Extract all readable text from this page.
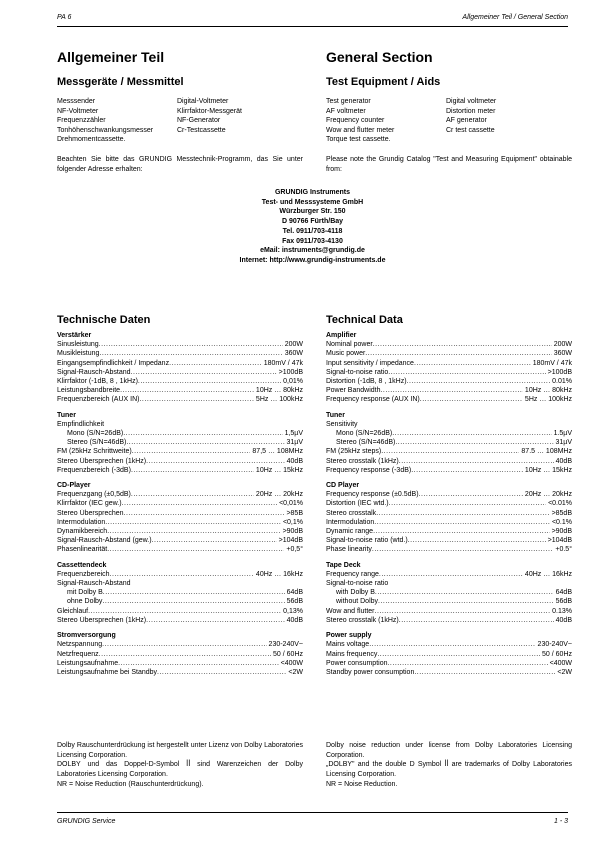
PA 6	Allgemeiner Teil / General Section
Allgemeiner Teil
Messgeräte / Messmittel
Messsender	Digital-Voltmeter
NF-Voltmeter	Klirrfaktor-Messgerät
Frequenzzähler	NF-Generator
Tonhöhenschwankungsmesser	Cr-Testcassette
Drehmomentcassette.
Beachten Sie bitte das GRUNDIG Messtechnik-Programm, das Sie unter folgender Adresse erhalten:
General Section
Test Equipment / Aids
Test generator	Digital voltmeter
AF voltmeter	Distortion meter
Frequency counter	AF generator
Wow and flutter meter	Cr test cassette
Torque test cassette.
Please note the Grundig Catalog "Test and Measuring Equipment" obtainable from:
GRUNDIG Instruments
Test- und Messsysteme GmbH
Würzburger Str. 150
D 90766 Fürth/Bay
Tel. 0911/703-4118
Fax 0911/703-4130
eMail: instruments@grundig.de
Internet: http://www.grundig-instruments.de
Technische Daten
Verstärker
Sinusleistung .....	200W
Musikleistung .....	360W
Eingangsempfindlichkeit / Impedanz .....	180mV / 47k
Signal-Rausch-Abstand .....	>100dB
Klirrfaktor (-1dB, 8 , 1kHz) .....	0,01%
Leistungsbandbreite .....	10Hz … 80kHz
Frequenzbereich (AUX IN) .....	5Hz … 100kHz
Tuner
Empfindlichkeit
Mono (S/N=26dB) .....	1,5µV
Stereo (S/N=46dB) .....	31µV
FM (25kHz Schrittweite) .....	87,5 … 108MHz
Stereo Übersprechen (1kHz) .....	40dB
Frequenzbereich (-3dB) .....	10Hz … 15kHz
CD-Player
Frequenzgang (±0,5dB) .....	20Hz … 20kHz
Klirrfaktor (IEC gew.) .....	<0,01%
Stereo Übersprechen .....	>85B
Intermodulation .....	<0,1%
Dynamikbereich .....	>90dB
Signal-Rausch-Abstand (gew.) .....	>104dB
Phasenlinearität .....	+0,5°
Cassettendeck
Frequenzbereich .....	40Hz … 16kHz
Signal-Rausch-Abstand
mit Dolby B .....	64dB
ohne Dolby .....	56dB
Gleichlauf .....	0,13%
Stereo Übersprechen (1kHz) .....	40dB
Stromversorgung
Netzspannung .....	230-240V~
Netzfrequenz .....	50 / 60Hz
Leistungsaufnahme .....	<400W
Leistungsaufnahme bei Standby .....	<2W
Technical Data
Amplifier
Nominal power .....	200W
Music power .....	360W
Input sensitivity / impedance .....	180mV / 47k
Signal-to-noise ratio .....	>100dB
Distortion (-1dB, 8 , 1kHz) .....	0.01%
Power Bandwidth .....	10Hz … 80kHz
Frequency response (AUX IN) .....	5Hz … 100kHz
Tuner
Sensitivity
Mono (S/N=26dB) .....	1.5µV
Stereo (S/N=46dB) .....	31µV
FM (25kHz steps) .....	87.5 … 108MHz
Stereo crosstalk (1kHz) .....	40dB
Frequency response (-3dB) .....	10Hz … 15kHz
CD Player
Frequency response (±0.5dB) .....	20Hz … 20kHz
Distortion (IEC wtd.) .....	<0.01%
Stereo crosstalk .....	>85dB
Intermodulation .....	<0.1%
Dynamic range .....	>90dB
Signal-to-noise ratio (wtd.) .....	>104dB
Phase linearity .....	+0.5°
Tape Deck
Frequency range .....	40Hz … 16kHz
Signal-to-noise ratio
with Dolby B .....	64dB
without Dolby .....	56dB
Wow and flutter .....	0.13%
Stereo crosstalk (1kHz) .....	40dB
Power supply
Mains voltage .....	230-240V~
Mains frequency .....	50 / 60Hz
Power consumption .....	<400W
Standby power consumption .....	<2W
Dolby Rauschunterdrückung ist hergestellt unter Lizenz von Dolby Laboratories Licensing Corporation.
DOLBY und das Doppel-D-Symbol ꟾꟾ sind Warenzeichen der Dolby Laboratories Licensing Corporation.
NR = Noise Reduction (Rauschunterdrückung).
Dolby noise reduction under license from Dolby Laboratories Licensing Corporation.
„DOLBY" and the double D Symbol ꟾꟾ are trademarks of Dolby Laboratories Licensing Corporation.
NR = Noise Reduction.
GRUNDIG Service	1 - 3
